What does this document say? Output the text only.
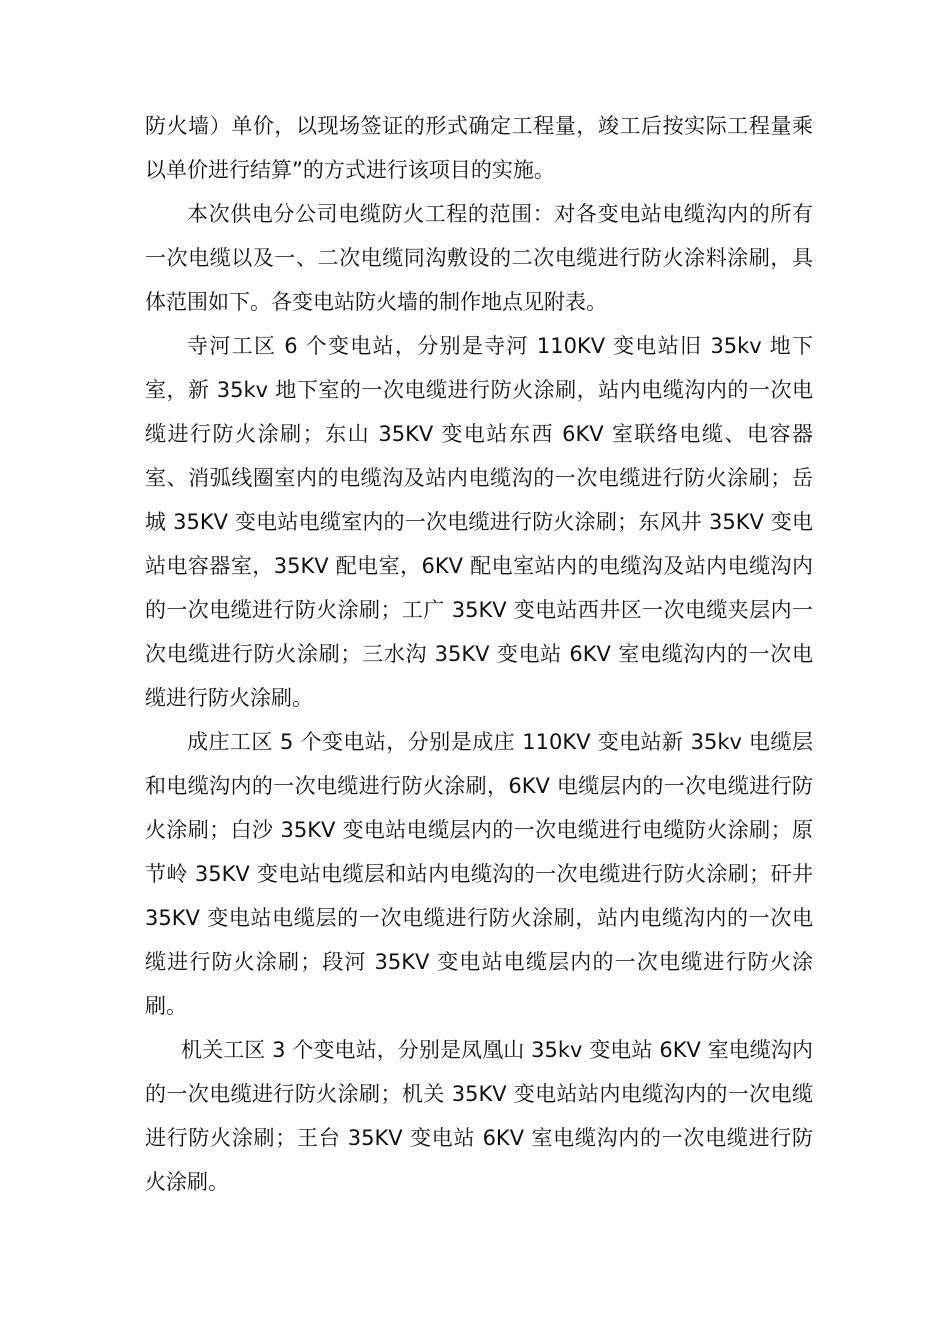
防火墙）单价，以现场签证的形式确定工程量，竣工后按实际工程量乘以单价进行结算”的方式进行该项目的实施。

本次供电分公司电缆防火工程的范围：对各变电站电缆沟内的所有一次电缆以及一、二次电缆同沟敷设的二次电缆进行防火涂料涂刷，具体范围如下。各变电站防火墙的制作地点见附表。

寺河工区 6 个变电站，分别是寺河 110KV 变电站旧 35kv 地下室，新 35kv 地下室的一次电缆进行防火涂刷，站内电缆沟内的一次电缆进行防火涂刷；东山 35KV 变电站东西 6KV 室联络电缆、电容器室、消弧线圈室内的电缆沟及站内电缆沟的一次电缆进行防火涂刷；岳城 35KV 变电站电缆室内的一次电缆进行防火涂刷；东风井 35KV 变电站电容器室，35KV 配电室，6KV 配电室站内的电缆沟及站内电缆沟内的一次电缆进行防火涂刷；工广 35KV 变电站西井区一次电缆夹层内一次电缆进行防火涂刷；三水沟 35KV 变电站 6KV 室电缆沟内的一次电缆进行防火涂刷。

成庄工区 5 个变电站，分别是成庄 110KV 变电站新 35kv 电缆层和电缆沟内的一次电缆进行防火涂刷，6KV 电缆层内的一次电缆进行防火涂刷；白沙 35KV 变电站电缆层内的一次电缆进行电缆防火涂刷；原节岭 35KV 变电站电缆层和站内电缆沟的一次电缆进行防火涂刷；矸井 35KV 变电站电缆层的一次电缆进行防火涂刷，站内电缆沟内的一次电缆进行防火涂刷；段河 35KV 变电站电缆层内的一次电缆进行防火涂刷。

机关工区 3 个变电站，分别是凤凰山 35kv 变电站 6KV 室电缆沟内的一次电缆进行防火涂刷；机关 35KV 变电站站内电缆沟内的一次电缆进行防火涂刷；王台 35KV 变电站 6KV 室电缆沟内的一次电缆进行防火涂刷。
